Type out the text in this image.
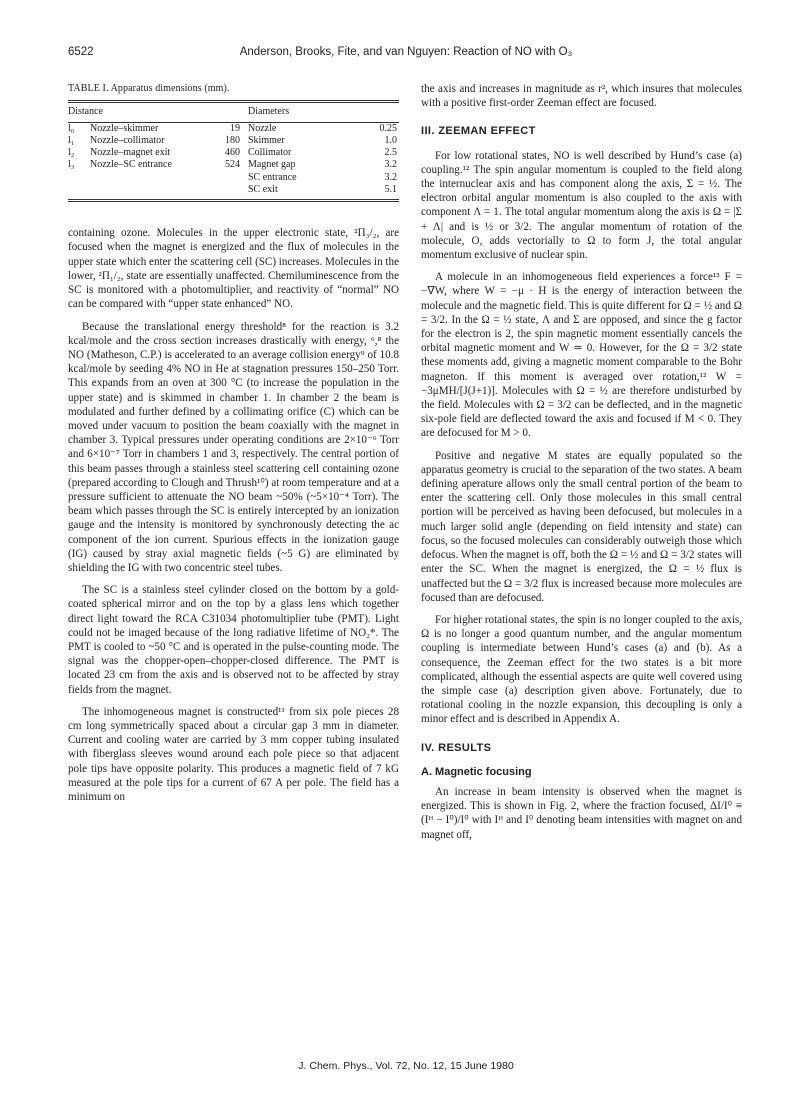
6522	Anderson, Brooks, Fite, and van Nguyen: Reaction of NO with O₃
TABLE I. Apparatus dimensions (mm).
Distance			Diameters	
l₀	Nozzle–skimmer	19	Nozzle	0.25
l₁	Nozzle–collimator	180	Skimmer	1.0
l₂	Nozzle–magnet exit	460	Collimator	2.5
l₃	Nozzle–SC entrance	524	Magnet gap	3.2
			SC entrance	3.2
			SC exit	5.1

containing ozone. Molecules in the upper electronic state, ²Π₃/₂, are focused when the magnet is energized and the flux of molecules in the upper state which enter the scattering cell (SC) increases. Molecules in the lower, ²Π₁/₂, state are essentially unaffected. Chemiluminescence from the SC is monitored with a photomultiplier, and reactivity of “normal” NO can be compared with “upper state enhanced” NO.

Because the translational energy threshold⁸ for the reaction is 3.2 kcal/mole and the cross section increases drastically with energy, ⁶,⁸ the NO (Matheson, C.P.) is accelerated to an average collision energy⁹ of 10.8 kcal/mole by seeding 4% NO in He at stagnation pressures 150–250 Torr. This expands from an oven at 300 °C (to increase the population in the upper state) and is skimmed in chamber 1. In chamber 2 the beam is modulated and further defined by a collimating orifice (C) which can be moved under vacuum to position the beam coaxially with the magnet in chamber 3. Typical pressures under operating conditions are 2×10⁻⁶ Torr and 6×10⁻⁷ Torr in chambers 1 and 3, respectively. The central portion of this beam passes through a stainless steel scattering cell containing ozone (prepared according to Clough and Thrush¹⁰) at room temperature and at a pressure sufficient to attenuate the NO beam ~50% (~5×10⁻⁴ Torr). The beam which passes through the SC is entirely intercepted by an ionization gauge and the intensity is monitored by synchronously detecting the ac component of the ion current. Spurious effects in the ionization gauge (IG) caused by stray axial magnetic fields (~5 G) are eliminated by shielding the IG with two concentric steel tubes.

The SC is a stainless steel cylinder closed on the bottom by a gold-coated spherical mirror and on the top by a glass lens which together direct light toward the RCA C31034 photomultiplier tube (PMT). Light could not be imaged because of the long radiative lifetime of NO₂*. The PMT is cooled to ~50 °C and is operated in the pulse-counting mode. The signal was the chopper-open–chopper-closed difference. The PMT is located 23 cm from the axis and is observed not to be affected by stray fields from the magnet.

The inhomogeneous magnet is constructed¹¹ from six pole pieces 28 cm long symmetrically spaced about a circular gap 3 mm in diameter. Current and cooling water are carried by 3 mm copper tubing insulated with fiberglass sleeves wound around each pole piece so that adjacent pole tips have opposite polarity. This produces a magnetic field of 7 kG measured at the pole tips for a current of 67 A per pole. The field has a minimum on

the axis and increases in magnitude as r², which insures that molecules with a positive first-order Zeeman effect are focused.

III. ZEEMAN EFFECT

For low rotational states, NO is well described by Hund’s case (a) coupling.¹² The spin angular momentum is coupled to the field along the internuclear axis and has component along the axis, Σ = ½. The electron orbital angular momentum is also coupled to the axis with component Λ = 1. The total angular momentum along the axis is Ω = |Σ + Λ| and is ½ or 3/2. The angular momentum of rotation of the molecule, O, adds vectorially to Ω to form J, the total angular momentum exclusive of nuclear spin.

A molecule in an inhomogeneous field experiences a force¹³ F = −∇W, where W = −μ · H is the energy of interaction between the molecule and the magnetic field. This is quite different for Ω = ½ and Ω = 3/2. In the Ω = ½ state, Λ and Σ are opposed, and since the g factor for the electron is 2, the spin magnetic moment essentially cancels the orbital magnetic moment and W ≃ 0. However, for the Ω = 3/2 state these moments add, giving a magnetic moment comparable to the Bohr magneton. If this moment is averaged over rotation,¹² W = −3μMH/[J(J+1)]. Molecules with Ω = ½ are therefore undisturbed by the field. Molecules with Ω = 3/2 can be deflected, and in the magnetic six-pole field are deflected toward the axis and focused if M < 0. They are defocused for M > 0.

Positive and negative M states are equally populated so the apparatus geometry is crucial to the separation of the two states. A beam defining aperature allows only the small central portion of the beam to enter the scattering cell. Only those molecules in this small central portion will be perceived as having been defocused, but molecules in a much larger solid angle (depending on field intensity and state) can focus, so the focused molecules can considerably outweigh those which defocus. When the magnet is off, both the Ω = ½ and Ω = 3/2 states will enter the SC. When the magnet is energized, the Ω = ½ flux is unaffected but the Ω = 3/2 flux is increased because more molecules are focused than are defocused.

For higher rotational states, the spin is no longer coupled to the axis, Ω is no longer a good quantum number, and the angular momentum coupling is intermediate between Hund’s cases (a) and (b). As a consequence, the Zeeman effect for the two states is a bit more complicated, although the essential aspects are quite well covered using the simple case (a) description given above. Fortunately, due to rotational cooling in the nozzle expansion, this decoupling is only a minor effect and is described in Appendix A.

IV. RESULTS
A. Magnetic focusing

An increase in beam intensity is observed when the magnet is energized. This is shown in Fig. 2, where the fraction focused, ΔI/I⁰ ≡ (Iᴴ − I⁰)/I⁰ with Iᴴ and I⁰ denoting beam intensities with magnet on and magnet off,

J. Chem. Phys., Vol. 72, No. 12, 15 June 1980
